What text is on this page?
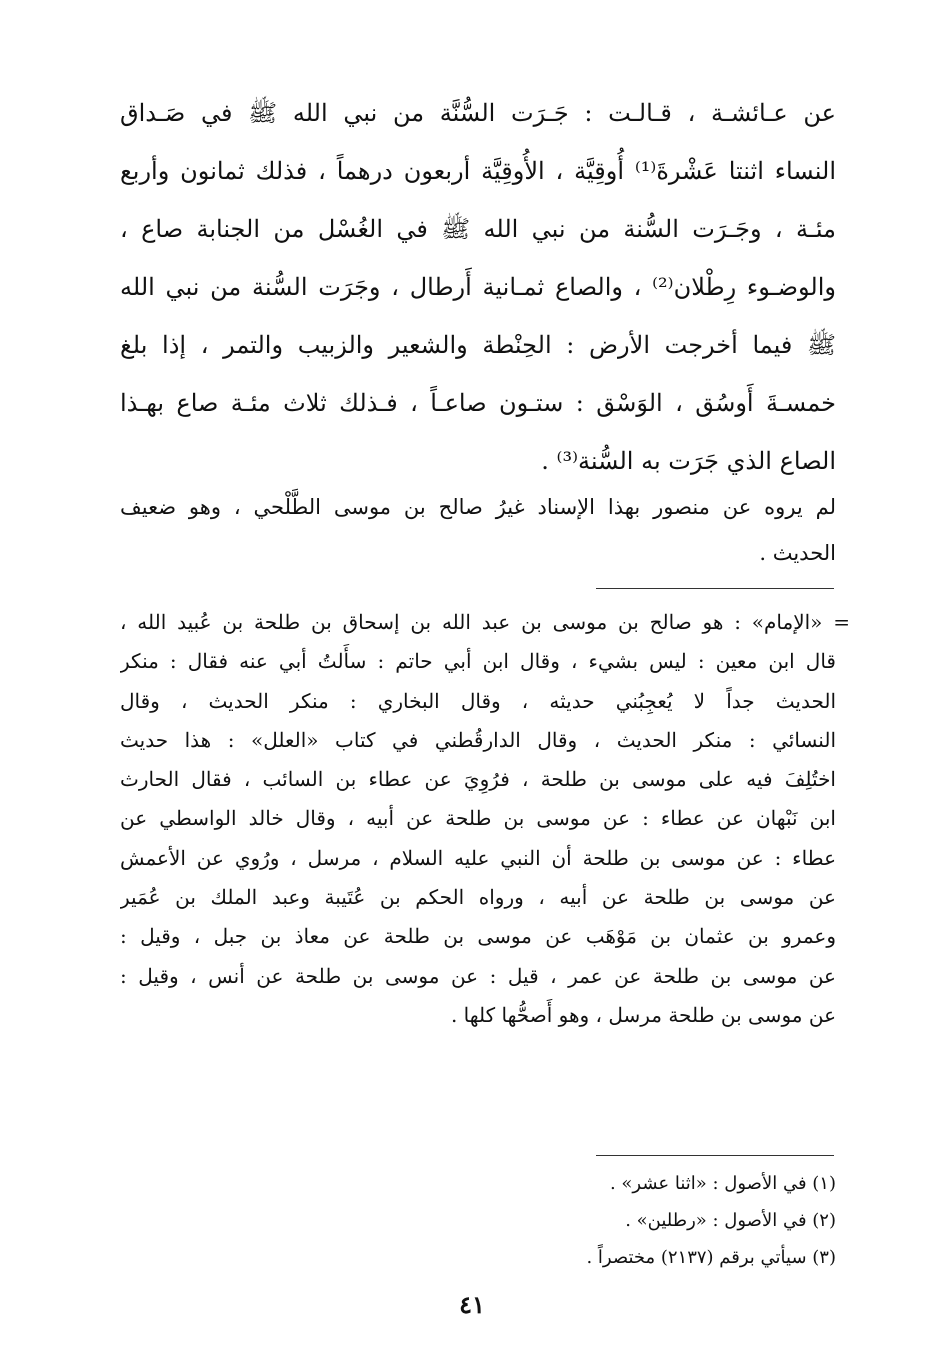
عن عـائشـة ، قـالـت : جَـرَت السُّنَّة من نبي الله ﷺ في صَـداق
النساء اثنتا عَشْرةَ⁽¹⁾ أُوقِيَّة ، الأُوقِيَّة أربعون درهماً ، فذلك ثمانون وأربع
مئـة ، وجَـرَت السُّنة من نبي الله ﷺ في الغُسْل من الجنابة صاع ،
والوضـوء رِطْلان⁽²⁾ ، والصاع ثمـانية أَرطال ، وجَرَت السُّنة من نبي الله
ﷺ فيما أخرجت الأرض : الحِنْطة والشعير والزبيب والتمر ، إذا بلغ
خمسـةَ أَوسُق ، الوَسْق : ستـون صاعـاً ، فـذلك ثلاث مئـة صاع بهـذا
الصاع الذي جَرَت به السُّنة⁽³⁾ .
لم يروه عن منصور بهذا الإسناد غيرُ صالح بن موسى الطَّلْحي ، وهو ضعيف
الحديث .
= «الإمام» : هو صالح بن موسى بن عبد الله بن إسحاق بن طلحة بن عُبيد الله ،
قال ابن معين : ليس بشيء ، وقال ابن أبي حاتم : سأَلتُ أبي عنه فقال : منكر
الحديث جداً لا يُعجِبُني حديثه ، وقال البخاري : منكر الحديث ، وقال
النسائي : منكر الحديث ، وقال الدارقُطني في كتاب «العلل» : هذا حديث
اختُلِفَ فيه على موسى بن طلحة ، فرُوِيَ عن عطاء بن السائب ، فقال الحارث
ابن نَبْهان عن عطاء : عن موسى بن طلحة عن أبيه ، وقال خالد الواسطي عن
عطاء : عن موسى بن طلحة أن النبي عليه السلام ، مرسل ، ورُوي عن الأعمش
عن موسى بن طلحة عن أبيه ، ورواه الحكم بن عُتَيبة وعبد الملك بن عُمَير
وعمرو بن عثمان بن مَوْهَب عن موسى بن طلحة عن معاذ بن جبل ، وقيل :
عن موسى بن طلحة عن عمر ، قيل : عن موسى بن طلحة عن أنس ، وقيل :
عن موسى بن طلحة مرسل ، وهو أَصحُّها كلها .
(١) في الأصول : «اثنا عشر» .
(٢) في الأصول : «رطلين» .
(٣) سيأتي برقم (٢١٣٧) مختصراً .
٤١
